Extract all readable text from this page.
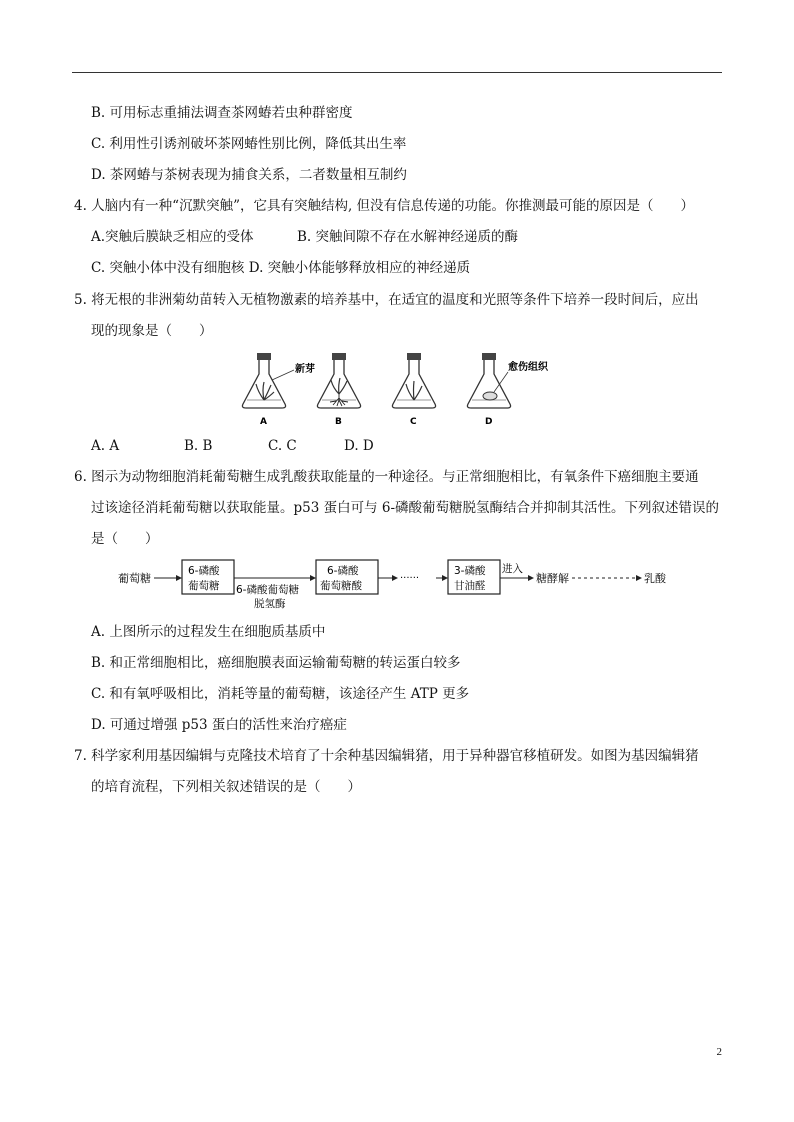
B. 可用标志重捕法调查茶网蝽若虫种群密度
C. 利用性引诱剂破坏茶网蝽性别比例，降低其出生率
D. 茶网蝽与茶树表现为捕食关系，二者数量相互制约
4. 人脑内有一种“沉默突触”，它具有突触结构, 但没有信息传递的功能。你推测最可能的原因是（　　）
A.突触后膜缺乏相应的受体	B. 突触间隙不存在水解神经递质的酶
C. 突触小体中没有细胞核 D. 突触小体能够释放相应的神经递质
5. 将无根的非洲菊幼苗转入无植物激素的培养基中，在适宜的温度和光照等条件下培养一段时间后，应出
现的现象是（　　）
新芽
A	B	C
愈伤组织
D
A. A	B. B	C. C	D. D
6. 图示为动物细胞消耗葡萄糖生成乳酸获取能量的一种途径。与正常细胞相比，有氧条件下癌细胞主要通
过该途径消耗葡萄糖以获取能量。p53 蛋白可与 6-磷酸葡萄糖脱氢酶结合并抑制其活性。下列叙述错误的
是（　　）
葡萄糖
6-磷酸
葡萄糖 6-磷酸葡萄糖
脱氢酶
6-磷酸
葡萄糖酸
······
3-磷酸
甘油醛
进入
糖酵解	乳酸
A. 上图所示的过程发生在细胞质基质中
B. 和正常细胞相比，癌细胞膜表面运输葡萄糖的转运蛋白较多
C. 和有氧呼吸相比，消耗等量的葡萄糖，该途径产生 ATP 更多
D. 可通过增强 p53 蛋白的活性来治疗癌症
7. 科学家利用基因编辑与克隆技术培育了十余种基因编辑猪，用于异种器官移植研发。如图为基因编辑猪
的培育流程，下列相关叙述错误的是（　　）
2
